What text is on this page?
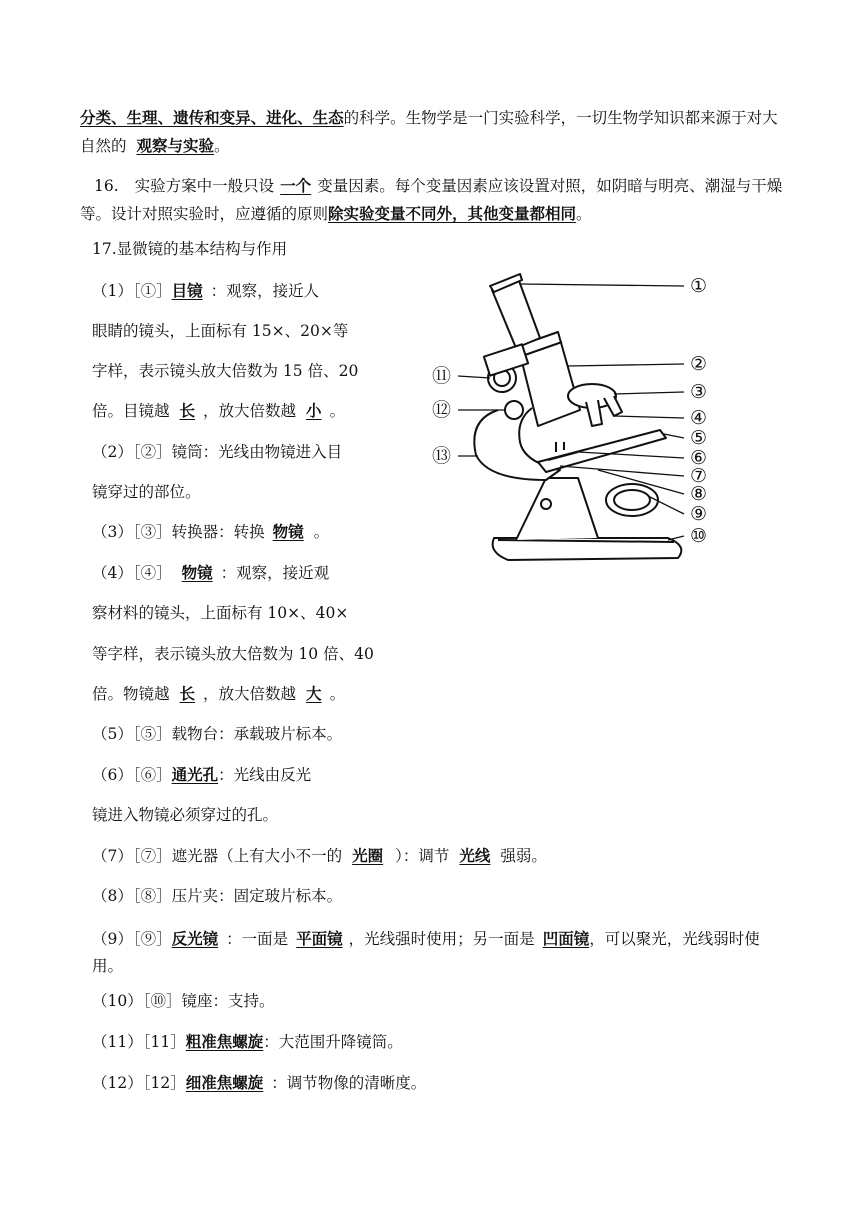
分类、生理、遗传和变异、进化、生态的科学。生物学是一门实验科学，一切生物学知识都来源于对大自然的 观察与实验。
16. 实验方案中一般只设 一个 变量因素。每个变量因素应该设置对照，如阴暗与明亮、潮湿与干燥等。设计对照实验时，应遵循的原则除实验变量不同外，其他变量都相同。
17.显微镜的基本结构与作用
（1）［①］目镜 ：观察，接近人
眼睛的镜头，上面标有 15×、20×等
字样，表示镜头放大倍数为 15 倍、20
倍。目镜越 长 ，放大倍数越 小 。
（2）［②］镜筒：光线由物镜进入目
镜穿过的部位。
（3）［③］转换器：转换 物镜 。
（4）［④］ 物镜 ：观察，接近观
察材料的镜头，上面标有 10×、40×
等字样，表示镜头放大倍数为 10 倍、40
倍。物镜越 长 ，放大倍数越 大 。
（5）［⑤］载物台：承载玻片标本。
（6）［⑥］通光孔：光线由反光
镜进入物镜必须穿过的孔。
（7）［⑦］遮光器（上有大小不一的 光圈 ）：调节 光线 强弱。
（8）［⑧］压片夹：固定玻片标本。
（9）［⑨］反光镜 ：一面是 平面镜 ，光线强时使用；另一面是 凹面镜，可以聚光，光线弱时使用。
（10）［⑩］镜座：支持。
（11）［11］粗准焦螺旋：大范围升降镜筒。
（12）［12］细准焦螺旋 ：调节物像的清晰度。
①
②
③
④
⑤
⑥
⑦
⑧
⑨
⑩
⑪
⑫
⑬
